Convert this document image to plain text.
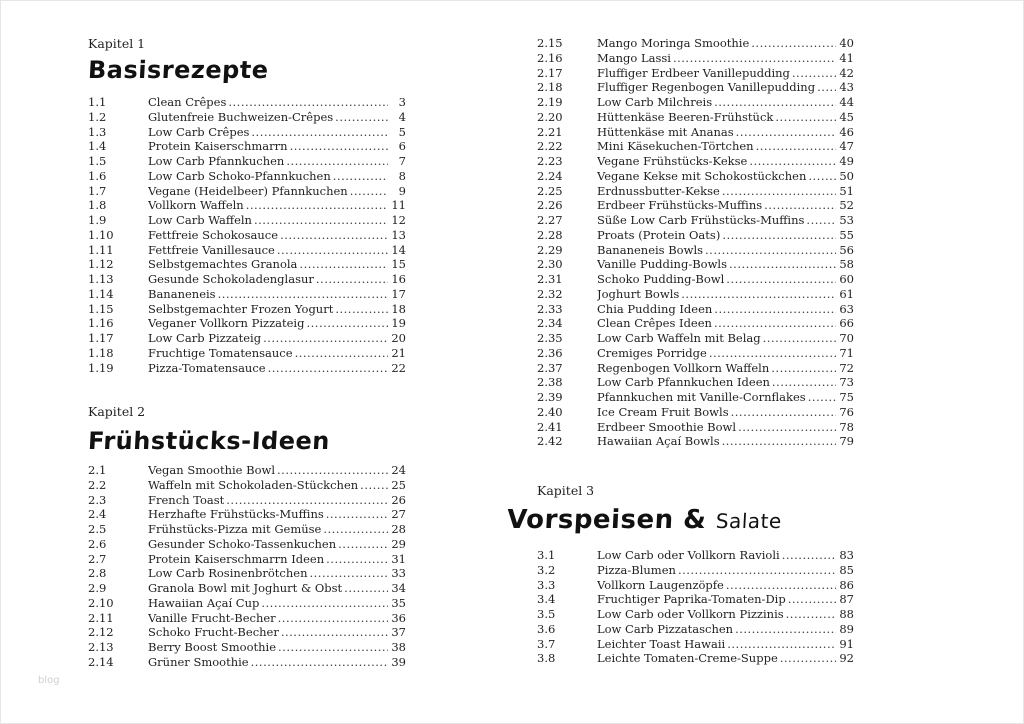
Kapitel 1
Basisrezepte
1.1	Clean Crêpes .....	3
1.2	Glutenfreie Buchweizen-Crêpes .....	4
1.3	Low Carb Crêpes .....	5
1.4	Protein Kaiserschmarrn .....	6
1.5	Low Carb Pfannkuchen .....	7
1.6	Low Carb Schoko-Pfannkuchen .....	8
1.7	Vegane (Heidelbeer) Pfannkuchen .....	9
1.8	Vollkorn Waffeln .....	11
1.9	Low Carb Waffeln .....	12
1.10	Fettfreie Schokosauce .....	13
1.11	Fettfreie Vanillesauce .....	14
1.12	Selbstgemachtes Granola .....	15
1.13	Gesunde Schokoladenglasur .....	16
1.14	Bananeneis .....	17
1.15	Selbstgemachter Frozen Yogurt .....	18
1.16	Veganer Vollkorn Pizzateig .....	19
1.17	Low Carb Pizzateig .....	20
1.18	Fruchtige Tomatensauce .....	21
1.19	Pizza-Tomatensauce .....	22
Kapitel 2
Frühstücks-Ideen
2.1	Vegan Smoothie Bowl .....	24
2.2	Waffeln mit Schokoladen-Stückchen .....	25
2.3	French Toast .....	26
2.4	Herzhafte Frühstücks-Muffins .....	27
2.5	Frühstücks-Pizza mit Gemüse .....	28
2.6	Gesunder Schoko-Tassenkuchen .....	29
2.7	Protein Kaiserschmarrn Ideen .....	31
2.8	Low Carb Rosinenbrötchen .....	33
2.9	Granola Bowl mit Joghurt & Obst .....	34
2.10	Hawaiian Açaí Cup .....	35
2.11	Vanille Frucht-Becher .....	36
2.12	Schoko Frucht-Becher .....	37
2.13	Berry Boost Smoothie .....	38
2.14	Grüner Smoothie .....	39
2.15	Mango Moringa Smoothie .....	40
2.16	Mango Lassi .....	41
2.17	Fluffiger Erdbeer Vanillepudding .....	42
2.18	Fluffiger Regenbogen Vanillepudding ..... 43
2.19	Low Carb Milchreis .....	44
2.20	Hüttenkäse Beeren-Frühstück .....	45
2.21	Hüttenkäse mit Ananas .....	46
2.22	Mini Käsekuchen-Törtchen .....	47
2.23	Vegane Frühstücks-Kekse .....	49
2.24	Vegane Kekse mit Schokostückchen .....	50
2.25	Erdnussbutter-Kekse .....	51
2.26	Erdbeer Frühstücks-Muffins .....	52
2.27	Süße Low Carb Frühstücks-Muffins .....	53
2.28	Proats (Protein Oats) .....	55
2.29	Bananeneis Bowls .....	56
2.30	Vanille Pudding-Bowls .....	58
2.31	Schoko Pudding-Bowl .....	60
2.32	Joghurt Bowls .....	61
2.33	Chia Pudding Ideen .....	63
2.34	Clean Crêpes Ideen .....	66
2.35	Low Carb Waffeln mit Belag .....	70
2.36	Cremiges Porridge .....	71
2.37	Regenbogen Vollkorn Waffeln .....	72
2.38	Low Carb Pfannkuchen Ideen .....	73
2.39	Pfannkuchen mit Vanille-Cornflakes .....	75
2.40	Ice Cream Fruit Bowls .....	76
2.41	Erdbeer Smoothie Bowl .....	78
2.42	Hawaiian Açaí Bowls .....	79
Kapitel 3
Vorspeisen & Salate
3.1	Low Carb oder Vollkorn Ravioli .....	83
3.2	Pizza-Blumen .....	85
3.3	Vollkorn Laugenzöpfe .....	86
3.4	Fruchtiger Paprika-Tomaten-Dip .....	87
3.5	Low Carb oder Vollkorn Pizzinis .....	88
3.6	Low Carb Pizzataschen .....	89
3.7	Leichter Toast Hawaii .....	91
3.8	Leichte Tomaten-Creme-Suppe .....	92
blog
